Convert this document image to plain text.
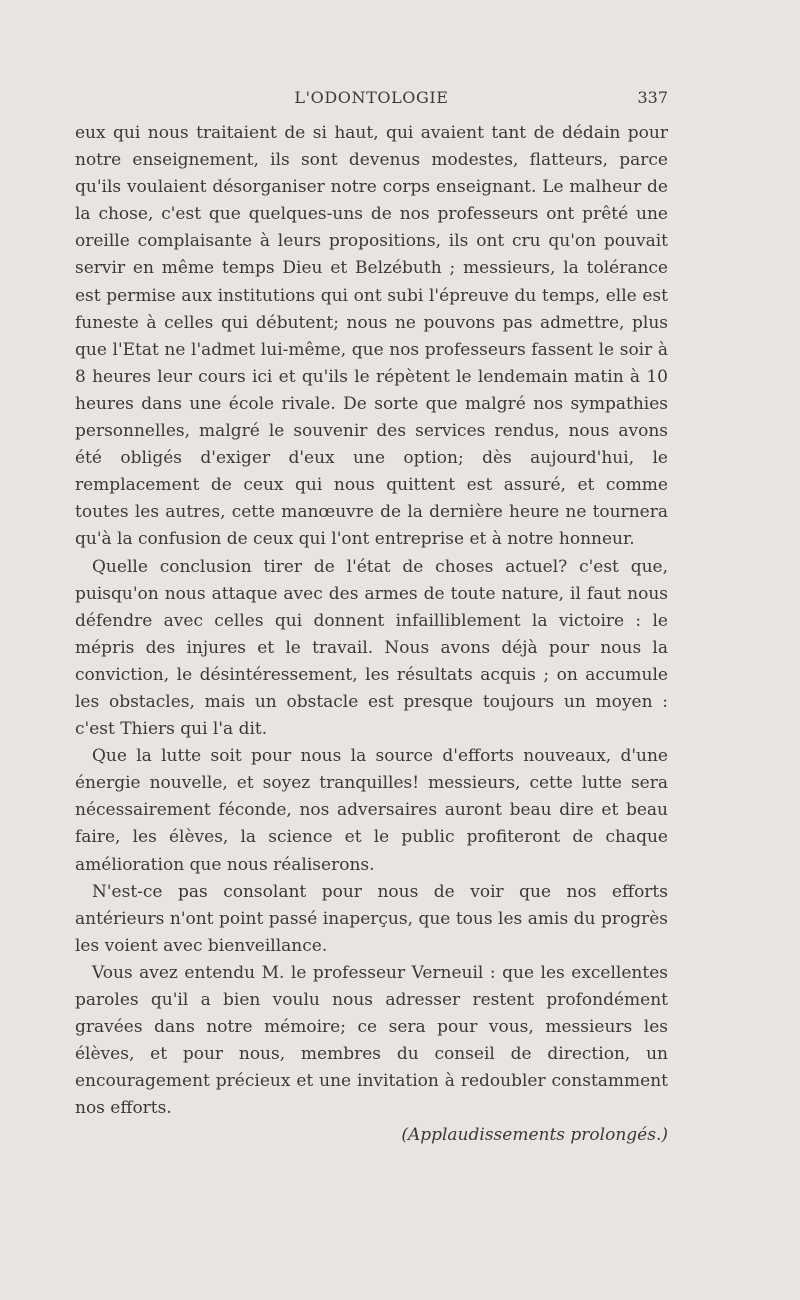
L'ODONTOLOGIE	337

eux qui nous traitaient de si haut, qui avaient tant de dédain pour notre enseignement, ils sont devenus modestes, flatteurs, parce qu'ils voulaient désorganiser notre corps enseignant. Le malheur de la chose, c'est que quelques-uns de nos professeurs ont prêté une oreille complaisante à leurs propositions, ils ont cru qu'on pouvait servir en même temps Dieu et Belzébuth ; messieurs, la tolérance est permise aux institutions qui ont subi l'épreuve du temps, elle est funeste à celles qui débutent; nous ne pouvons pas admettre, plus que l'Etat ne l'admet lui-même, que nos professeurs fassent le soir à 8 heures leur cours ici et qu'ils le répètent le lendemain matin à 10 heures dans une école rivale. De sorte que malgré nos sympathies personnelles, malgré le souvenir des services rendus, nous avons été obligés d'exiger d'eux une option; dès aujourd'hui, le remplacement de ceux qui nous quittent est assuré, et comme toutes les autres, cette manœuvre de la dernière heure ne tournera qu'à la confusion de ceux qui l'ont entreprise et à notre honneur.

Quelle conclusion tirer de l'état de choses actuel? c'est que, puisqu'on nous attaque avec des armes de toute nature, il faut nous défendre avec celles qui donnent infailliblement la victoire : le mépris des injures et le travail. Nous avons déjà pour nous la conviction, le désintéressement, les résultats acquis ; on accumule les obstacles, mais un obstacle est presque toujours un moyen : c'est Thiers qui l'a dit.

Que la lutte soit pour nous la source d'efforts nouveaux, d'une énergie nouvelle, et soyez tranquilles! messieurs, cette lutte sera nécessairement féconde, nos adversaires auront beau dire et beau faire, les élèves, la science et le public profiteront de chaque amélioration que nous réaliserons.

N'est-ce pas consolant pour nous de voir que nos efforts antérieurs n'ont point passé inaperçus, que tous les amis du progrès les voient avec bienveillance.

Vous avez entendu M. le professeur Verneuil : que les excellentes paroles qu'il a bien voulu nous adresser restent profondément gravées dans notre mémoire; ce sera pour vous, messieurs les élèves, et pour nous, membres du conseil de direction, un encouragement précieux et une invitation à redoubler constamment nos efforts.

(Applaudissements prolongés.)
